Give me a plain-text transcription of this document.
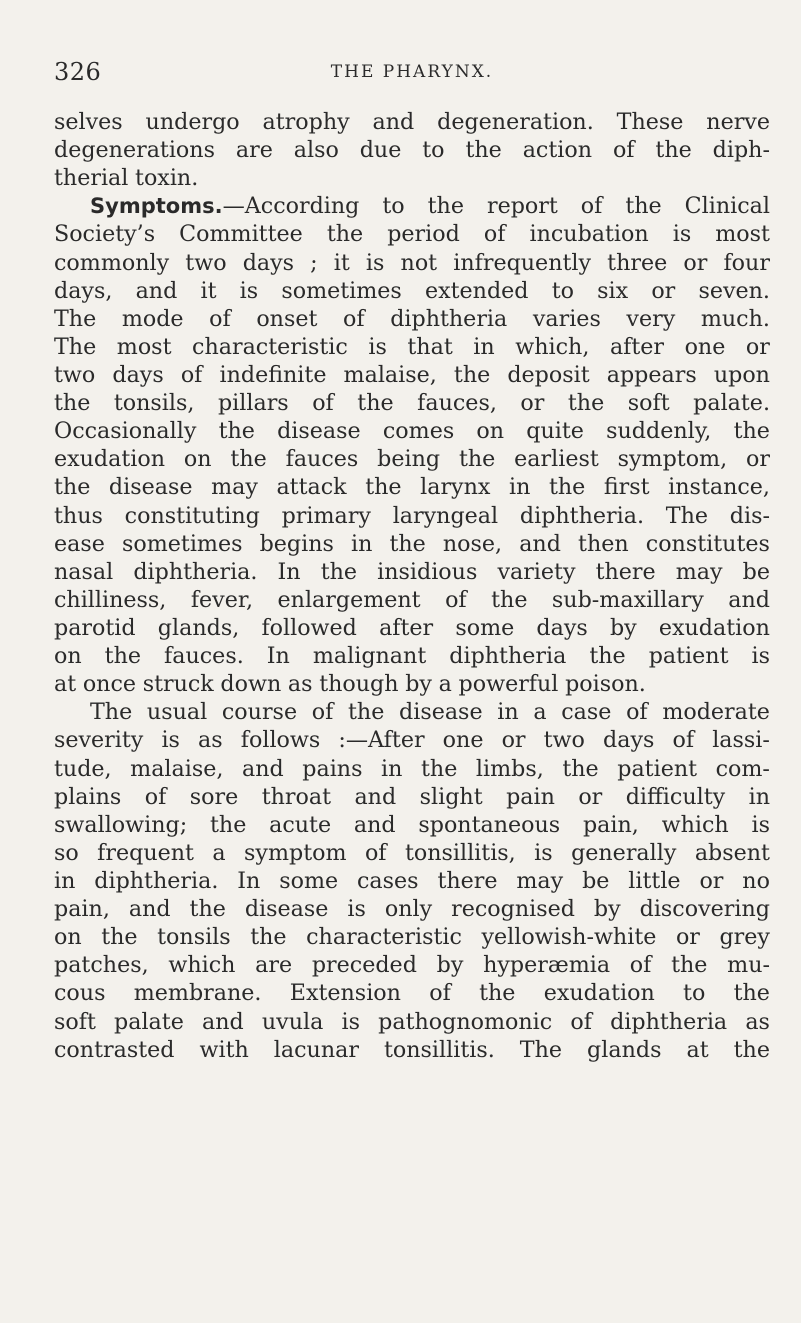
326	THE PHARYNX.
selves undergo atrophy and degeneration. These nerve
degenerations are also due to the action of the diph-
therial toxin.
Symptoms.—According to the report of the Clinical
Society’s Committee the period of incubation is most
commonly two days ; it is not infrequently three or four
days, and it is sometimes extended to six or seven.
The mode of onset of diphtheria varies very much.
The most characteristic is that in which, after one or
two days of indefinite malaise, the deposit appears upon
the tonsils, pillars of the fauces, or the soft palate.
Occasionally the disease comes on quite suddenly, the
exudation on the fauces being the earliest symptom, or
the disease may attack the larynx in the first instance,
thus constituting primary laryngeal diphtheria. The dis-
ease sometimes begins in the nose, and then constitutes
nasal diphtheria. In the insidious variety there may be
chilliness, fever, enlargement of the sub-maxillary and
parotid glands, followed after some days by exudation
on the fauces. In malignant diphtheria the patient is
at once struck down as though by a powerful poison.
The usual course of the disease in a case of moderate
severity is as follows :—After one or two days of lassi-
tude, malaise, and pains in the limbs, the patient com-
plains of sore throat and slight pain or difficulty in
swallowing; the acute and spontaneous pain, which is
so frequent a symptom of tonsillitis, is generally absent
in diphtheria. In some cases there may be little or no
pain, and the disease is only recognised by discovering
on the tonsils the characteristic yellowish-white or grey
patches, which are preceded by hyperæmia of the mu-
cous membrane. Extension of the exudation to the
soft palate and uvula is pathognomonic of diphtheria as
contrasted with lacunar tonsillitis. The glands at the
